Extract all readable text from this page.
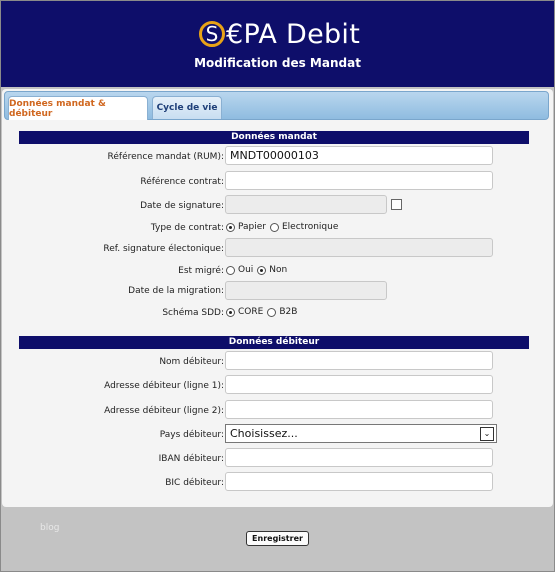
S €PA Debit
Modification des Mandat
Données mandat & débiteur
Cycle de vie
Données mandat
Référence mandat (RUM): MNDT00000103
Référence contrat:
Date de signature:
Type de contrat: Papier Electronique
Ref. signature électonique:
Est migré: Oui Non
Date de la migration:
Schéma SDD: CORE B2B
Données débiteur
Nom débiteur:
Adresse débiteur (ligne 1):
Adresse débiteur (ligne 2):
Pays débiteur: Choisissez...	⌄
IBAN débiteur:
BIC débiteur:
blog
Enregistrer
